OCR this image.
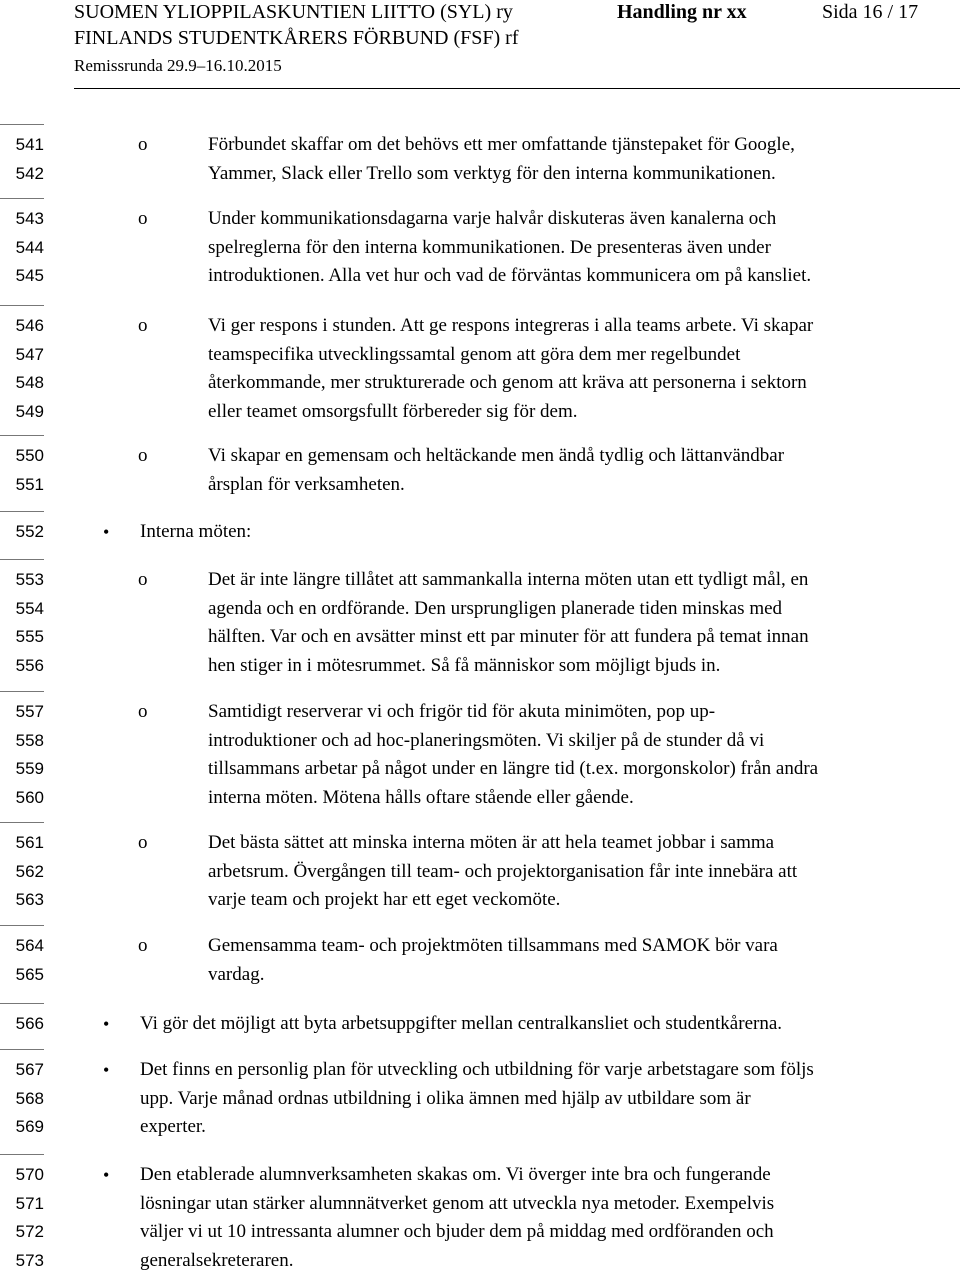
SUOMEN YLIOPPILASKUNTIEN LIITTO (SYL) ry
FINLANDS STUDENTKÅRERS FÖRBUND (FSF) rf
Remissrunda 29.9–16.10.2015
Handling nr xx	Sida 16 / 17
541
542
o	Förbundet skaffar om det behövs ett mer omfattande tjänstepaket för Google,
Yammer, Slack eller Trello som verktyg för den interna kommunikationen.
543
544
545
o	Under kommunikationsdagarna varje halvår diskuteras även kanalerna och
spelreglerna för den interna kommunikationen. De presenteras även under
introduktionen. Alla vet hur och vad de förväntas kommunicera om på kansliet.
546
547
548
549
o	Vi ger respons i stunden. Att ge respons integreras i alla teams arbete. Vi skapar
teamspecifika utvecklingssamtal genom att göra dem mer regelbundet
återkommande, mer strukturerade och genom att kräva att personerna i sektorn
eller teamet omsorgsfullt förbereder sig för dem.
550
551
o	Vi skapar en gemensam och heltäckande men ändå tydlig och lättanvändbar
årsplan för verksamheten.
552	• Interna möten:
553
554
555
556
o	Det är inte längre tillåtet att sammankalla interna möten utan ett tydligt mål, en
agenda och en ordförande. Den ursprungligen planerade tiden minskas med
hälften. Var och en avsätter minst ett par minuter för att fundera på temat innan
hen stiger in i mötesrummet. Så få människor som möjligt bjuds in.
557
558
559
560
o	Samtidigt reserverar vi och frigör tid för akuta minimöten, pop up-
introduktioner och ad hoc-planeringsmöten. Vi skiljer på de stunder då vi
tillsammans arbetar på något under en längre tid (t.ex. morgonskolor) från andra
interna möten. Mötena hålls oftare stående eller gående.
561
562
563
o	Det bästa sättet att minska interna möten är att hela teamet jobbar i samma
arbetsrum. Övergången till team- och projektorganisation får inte innebära att
varje team och projekt har ett eget veckomöte.
564
565
o	Gemensamma team- och projektmöten tillsammans med SAMOK bör vara
vardag.
566	• Vi gör det möjligt att byta arbetsuppgifter mellan centralkansliet och studentkårerna.
567
568
569
• Det finns en personlig plan för utveckling och utbildning för varje arbetstagare som följs
upp. Varje månad ordnas utbildning i olika ämnen med hjälp av utbildare som är
experter.
570
571
572
573
• Den etablerade alumnverksamheten skakas om. Vi överger inte bra och fungerande
lösningar utan stärker alumnnätverket genom att utveckla nya metoder. Exempelvis
väljer vi ut 10 intressanta alumner och bjuder dem på middag med ordföranden och
generalsekreteraren.
